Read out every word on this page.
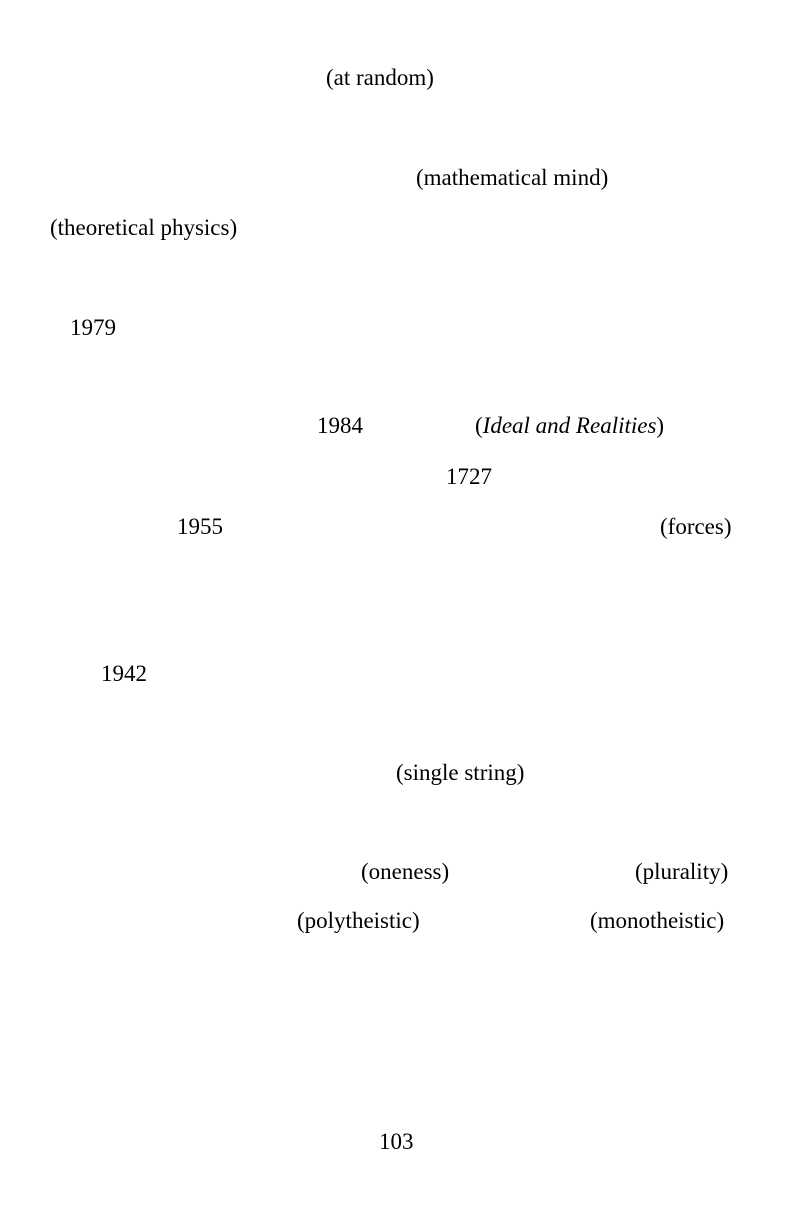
(at random)
(mathematical mind)
(theoretical physics)
1979
1984	(Ideal and Realities)
1727
1955	(forces)
1942
(single string)
(oneness)	(plurality)
(polytheistic)	(monotheistic)
103
